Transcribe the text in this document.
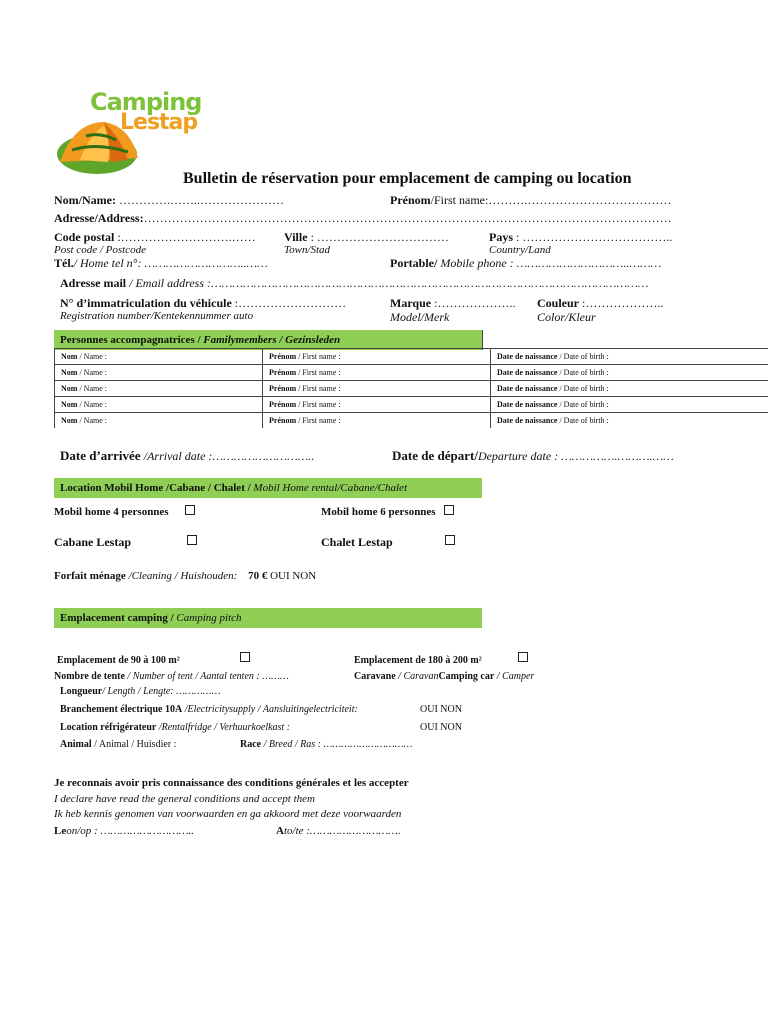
Camping
Lestap
Bulletin de réservation pour emplacement de camping ou location
Nom/Name: ………….……..…………………	Prénom/First name:……….………………………………
Adresse/Address:……………………………………………………………………………………………………………………
Code postal :……………………….……
Post code / Postcode
Ville : ……………………………
Town/Stad
Pays : ………………………………..
Country/Land
Tél./ Home tel n°: ………………………..……	Portable/ Mobile phone : …………………………..………
Adresse mail / Email address :……………………………………………………………………………………………………………
N° d’immatriculation du véhicule :………………………
Registration number/Kentekennummer auto
Marque :………………..
Model/Merk
Couleur :………………..
Color/Kleur
Personnes accompagnatrices / Familymembers / Gezinsleden
Nom / Name :	Prénom / First name :	Date de naissance / Date of birth :
Nom / Name :	Prénom / First name :	Date de naissance / Date of birth :
Nom / Name :	Prénom / First name :	Date de naissance / Date of birth :
Nom / Name :	Prénom / First name :	Date de naissance / Date of birth :
Nom / Name :	Prénom / First name :	Date de naissance / Date of birth :
Date d’arrivée /Arrival date :………………………..	Date de départ/Departure date : …………….……….……
Location Mobil Home /Cabane / Chalet / Mobil Home rental/Cabane/Chalet
Mobil home 4 personnes	Mobil home 6 personnes
Cabane Lestap	Chalet Lestap
Forfait ménage /Cleaning / Huishouden: 70 € OUI NON
Emplacement camping / Camping pitch
Emplacement de 90 à 100 m²	Emplacement de 180 à 200 m²
Nombre de tente / Number of tent / Aantal tenten : ………	Caravane / CaravanCamping car / Camper
Longueur/ Length / Lengte: ……………
Branchement électrique 10A /Electricitysupply / Aansluitingelectriciteit:	OUI NON
Location réfrigérateur /Rentalfridge / Verhuurkoelkast :	OUI NON
Animal / Animal / Huisdier :	Race / Breed / Ras : …………………………
Je reconnais avoir pris connaissance des conditions générales et les accepter
I declare have read the general conditions and accept them
Ik heb kennis genomen van voorwaarden en ga akkoord met deze voorwaarden
Leon/op : ………………………..	Ato/te :……………………….
